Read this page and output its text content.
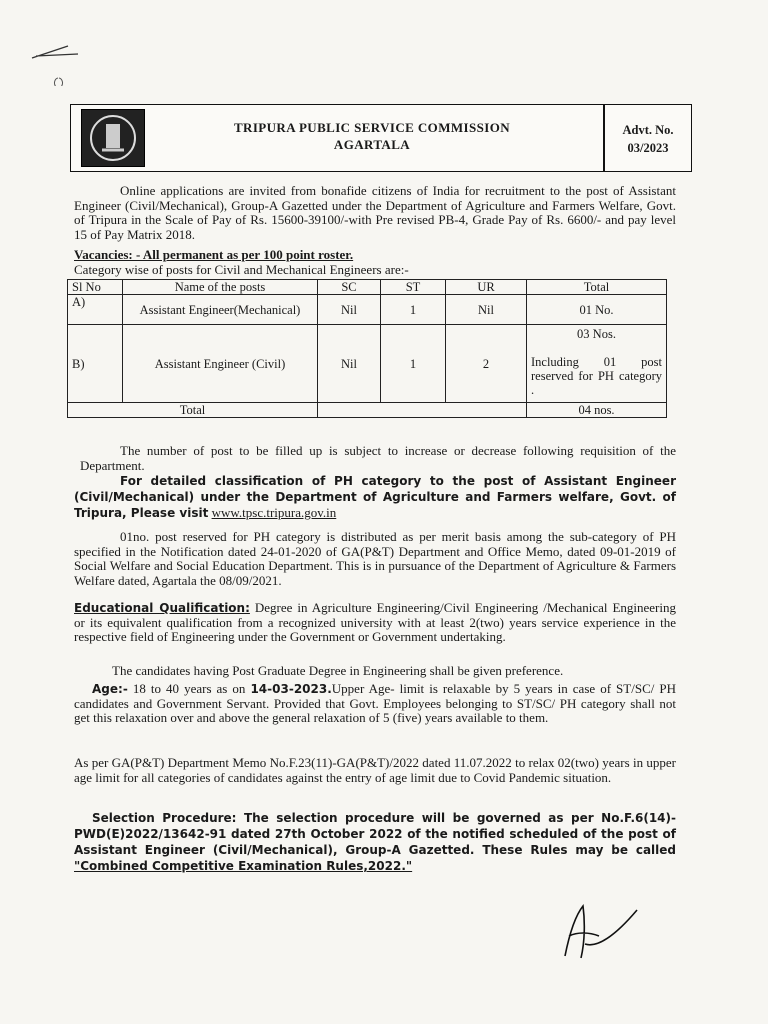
TRIPURA PUBLIC SERVICE COMMISSION
AGARTALA
Advt. No.
03/2023
Online applications are invited from bonafide citizens of India for recruitment to the post of Assistant Engineer (Civil/Mechanical), Group-A Gazetted under the Department of Agriculture and Farmers Welfare, Govt. of Tripura in the Scale of Pay of Rs. 15600-39100/-with Pre revised PB-4, Grade Pay of Rs. 6600/- and pay level 15 of Pay Matrix 2018.
Vacancies: - All permanent as per 100 point roster.
Category wise of posts for Civil and Mechanical Engineers are:-
Sl No	Name of the posts	SC	ST	UR	Total
A)	Assistant Engineer(Mechanical)	Nil	1	Nil	01 No.
B)	Assistant Engineer (Civil)	Nil	1	2	03 Nos.
Including 01 post reserved for PH category .

Total					04 nos.
The number of post to be filled up is subject to increase or decrease following requisition of the Department.
For detailed classification of PH category to the post of Assistant Engineer (Civil/Mechanical) under the Department of Agriculture and Farmers welfare, Govt. of Tripura, Please visit www.tpsc.tripura.gov.in
01no. post reserved for PH category is distributed as per merit basis among the sub-category of PH specified in the Notification dated 24-01-2020 of GA(P&T) Department and Office Memo, dated 09-01-2019 of Social Welfare and Social Education Department. This is in pursuance of the Department of Agriculture & Farmers Welfare dated, Agartala the 08/09/2021.
Educational Qualification: Degree in Agriculture Engineering/Civil Engineering /Mechanical Engineering or its equivalent qualification from a recognized university with at least 2(two) years service experience in the respective field of Engineering under the Government or Government undertaking.
The candidates having Post Graduate Degree in Engineering shall be given preference.
Age:- 18 to 40 years as on 14-03-2023.Upper Age- limit is relaxable by 5 years in case of ST/SC/ PH candidates and Government Servant. Provided that Govt. Employees belonging to ST/SC/ PH category shall not get this relaxation over and above the general relaxation of 5 (five) years available to them.
As per GA(P&T) Department Memo No.F.23(11)-GA(P&T)/2022 dated 11.07.2022 to relax 02(two) years in upper age limit for all categories of candidates against the entry of age limit due to Covid Pandemic situation.
Selection Procedure: The selection procedure will be governed as per No.F.6(14)-PWD(E)2022/13642-91 dated 27th October 2022 of the notified scheduled of the post of Assistant Engineer (Civil/Mechanical), Group-A Gazetted. These Rules may be called "Combined Competitive Examination Rules,2022."
